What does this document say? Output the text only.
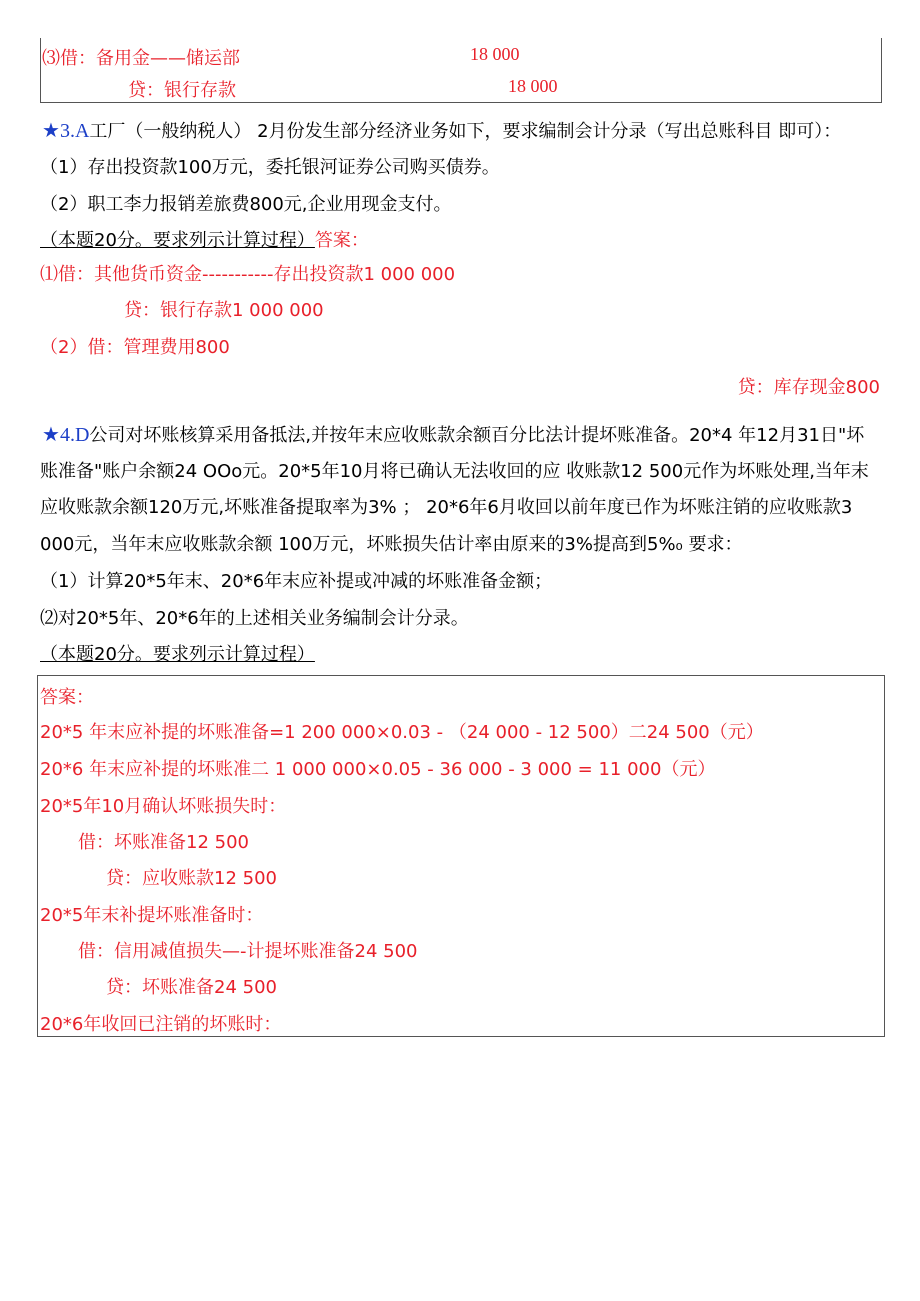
⑶借：备用金——储运部	18 000
贷：银行存款	18 000
★3.A工厂（一般纳税人） 2月份发生部分经济业务如下，要求编制会计分录（写出总账科目 即可）：
（1）存出投资款100万元，委托银河证券公司购买债券。
（2）职工李力报销差旅费800元,企业用现金支付。
（本题20分。要求列示计算过程）答案：
⑴借：其他货币资金-----------存出投资款1 000 000
贷：银行存款1 000 000
（2）借：管理费用800
贷：库存现金800
★4.D公司对坏账核算采用备抵法,并按年末应收账款余额百分比法计提坏账准备。20*4 年12月31日"坏
账准备"账户余额24 OOo元。20*5年10月将已确认无法收回的应 收账款12 500元作为坏账处理,当年末
应收账款余额120万元,坏账准备提取率为3% ； 20*6年6月收回以前年度已作为坏账注销的应收账款3
000元，当年末应收账款余额 100万元，坏账损失估计率由原来的3%提高到5%₀ 要求：
（1）计算20*5年末、20*6年末应补提或冲减的坏账准备金额；
⑵对20*5年、20*6年的上述相关业务编制会计分录。
（本题20分。要求列示计算过程）
答案：
20*5 年末应补提的坏账准备=1 200 000×0.03 - （24 000 - 12 500）二24 500（元）
20*6 年末应补提的坏账准二 1 000 000×0.05 - 36 000 - 3 000 = 11 000（元）
20*5年10月确认坏账损失时：
借：坏账准备12 500
贷：应收账款12 500
20*5年末补提坏账准备时：
借：信用减值损失—-计提坏账准备24 500
贷：坏账准备24 500
20*6年收回已注销的坏账时：
